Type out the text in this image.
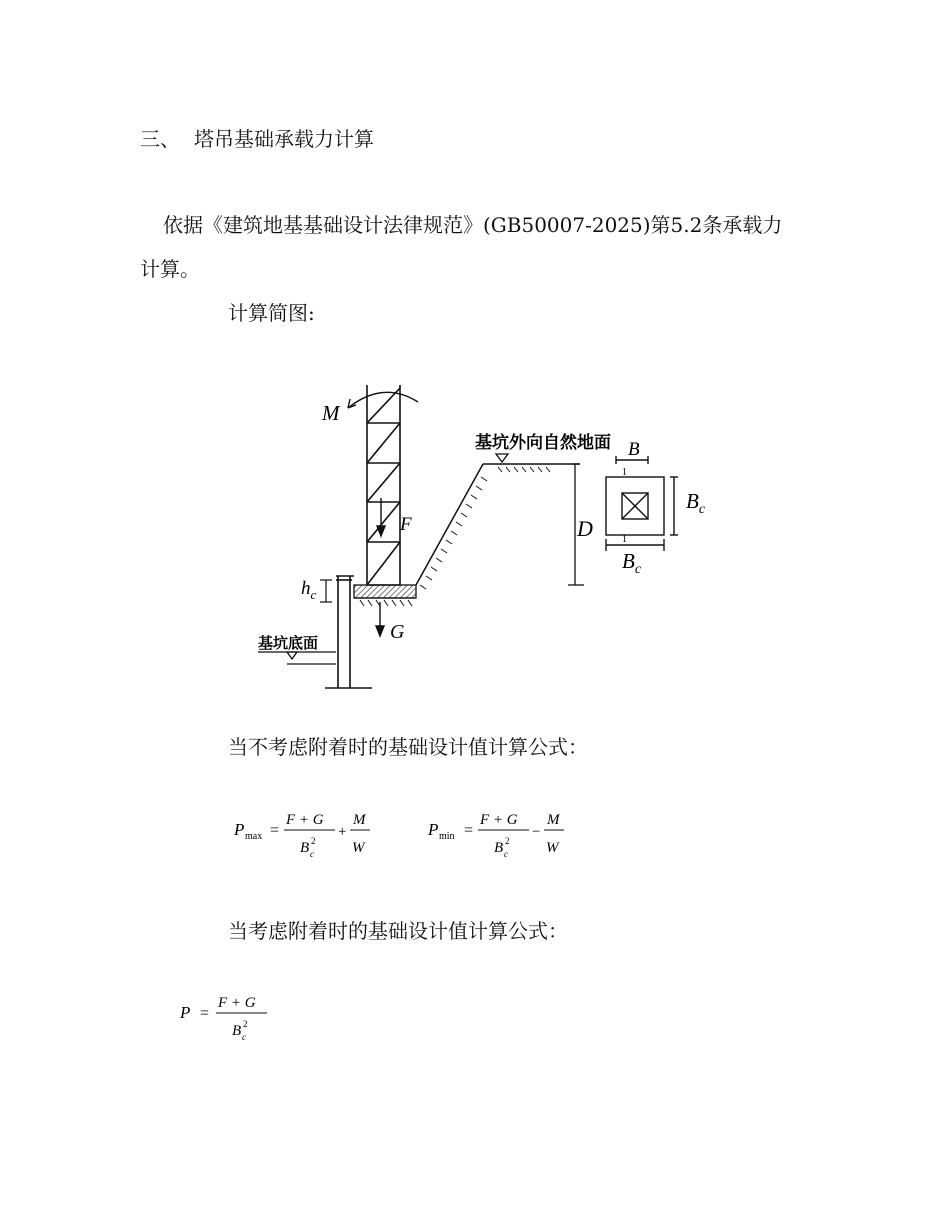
三、 塔吊基础承载力计算
依据《建筑地基基础设计法律规范》(GB50007-2025)第5.2条承载力
计算。
计算简图:
M
F
G
$h_c$
基坑底面
基坑外向自然地面
D
B
1
1
$B_c$
$B_c$
当不考虑附着时的基础设计值计算公式：
P max =
F + G
B 2
c
+
M
W
P min =
F + G
B 2
c
−
M
W
当考虑附着时的基础设计值计算公式：
P =
F + G
B 2
c
